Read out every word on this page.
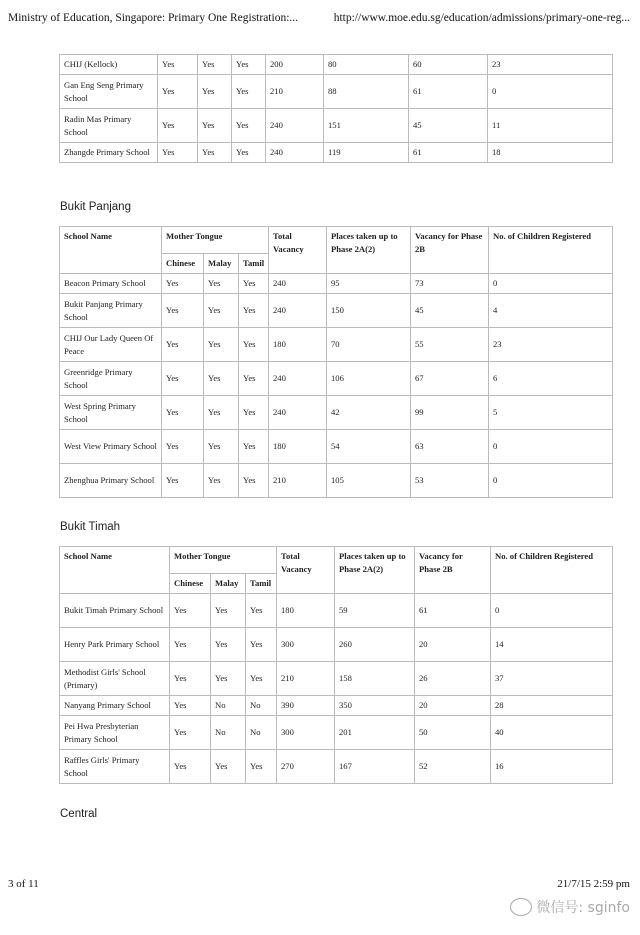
Ministry of Education, Singapore: Primary One Registration:...	http://www.moe.edu.sg/education/admissions/primary-one-reg...
CHIJ (Kellock)	Yes	Yes	Yes	200	80	60	23
Gan Eng Seng Primary School	Yes	Yes	Yes	210	88	61	0
Radin Mas Primary School	Yes	Yes	Yes	240	151	45	11
Zhangde Primary School	Yes	Yes	Yes	240	119	61	18
Bukit Panjang
School Name	Mother Tongue			Total Vacancy	Places taken up to Phase 2A(2)	Vacancy for Phase 2B	No. of Children Registered
	Chinese	Malay	Tamil				
Beacon Primary School	Yes	Yes	Yes	240	95	73	0
Bukit Panjang Primary School	Yes	Yes	Yes	240	150	45	4
CHIJ Our Lady Queen Of Peace	Yes	Yes	Yes	180	70	55	23
Greenridge Primary School	Yes	Yes	Yes	240	106	67	6
West Spring Primary School	Yes	Yes	Yes	240	42	99	5
West View Primary School	Yes	Yes	Yes	180	54	63	0
Zhenghua Primary School	Yes	Yes	Yes	210	105	53	0
Bukit Timah
School Name	Mother Tongue			Total Vacancy	Places taken up to Phase 2A(2)	Vacancy for Phase 2B	No. of Children Registered
	Chinese	Malay	Tamil				
Bukit Timah Primary School	Yes	Yes	Yes	180	59	61	0
Henry Park Primary School	Yes	Yes	Yes	300	260	20	14
Methodist Girls' School (Primary)	Yes	Yes	Yes	210	158	26	37
Nanyang Primary School	Yes	No	No	390	350	20	28
Pei Hwa Presbyterian Primary School	Yes	No	No	300	201	50	40
Raffles Girls' Primary School	Yes	Yes	Yes	270	167	52	16
Central
3 of 11	21/7/15 2:59 pm
微信号: sginfo
